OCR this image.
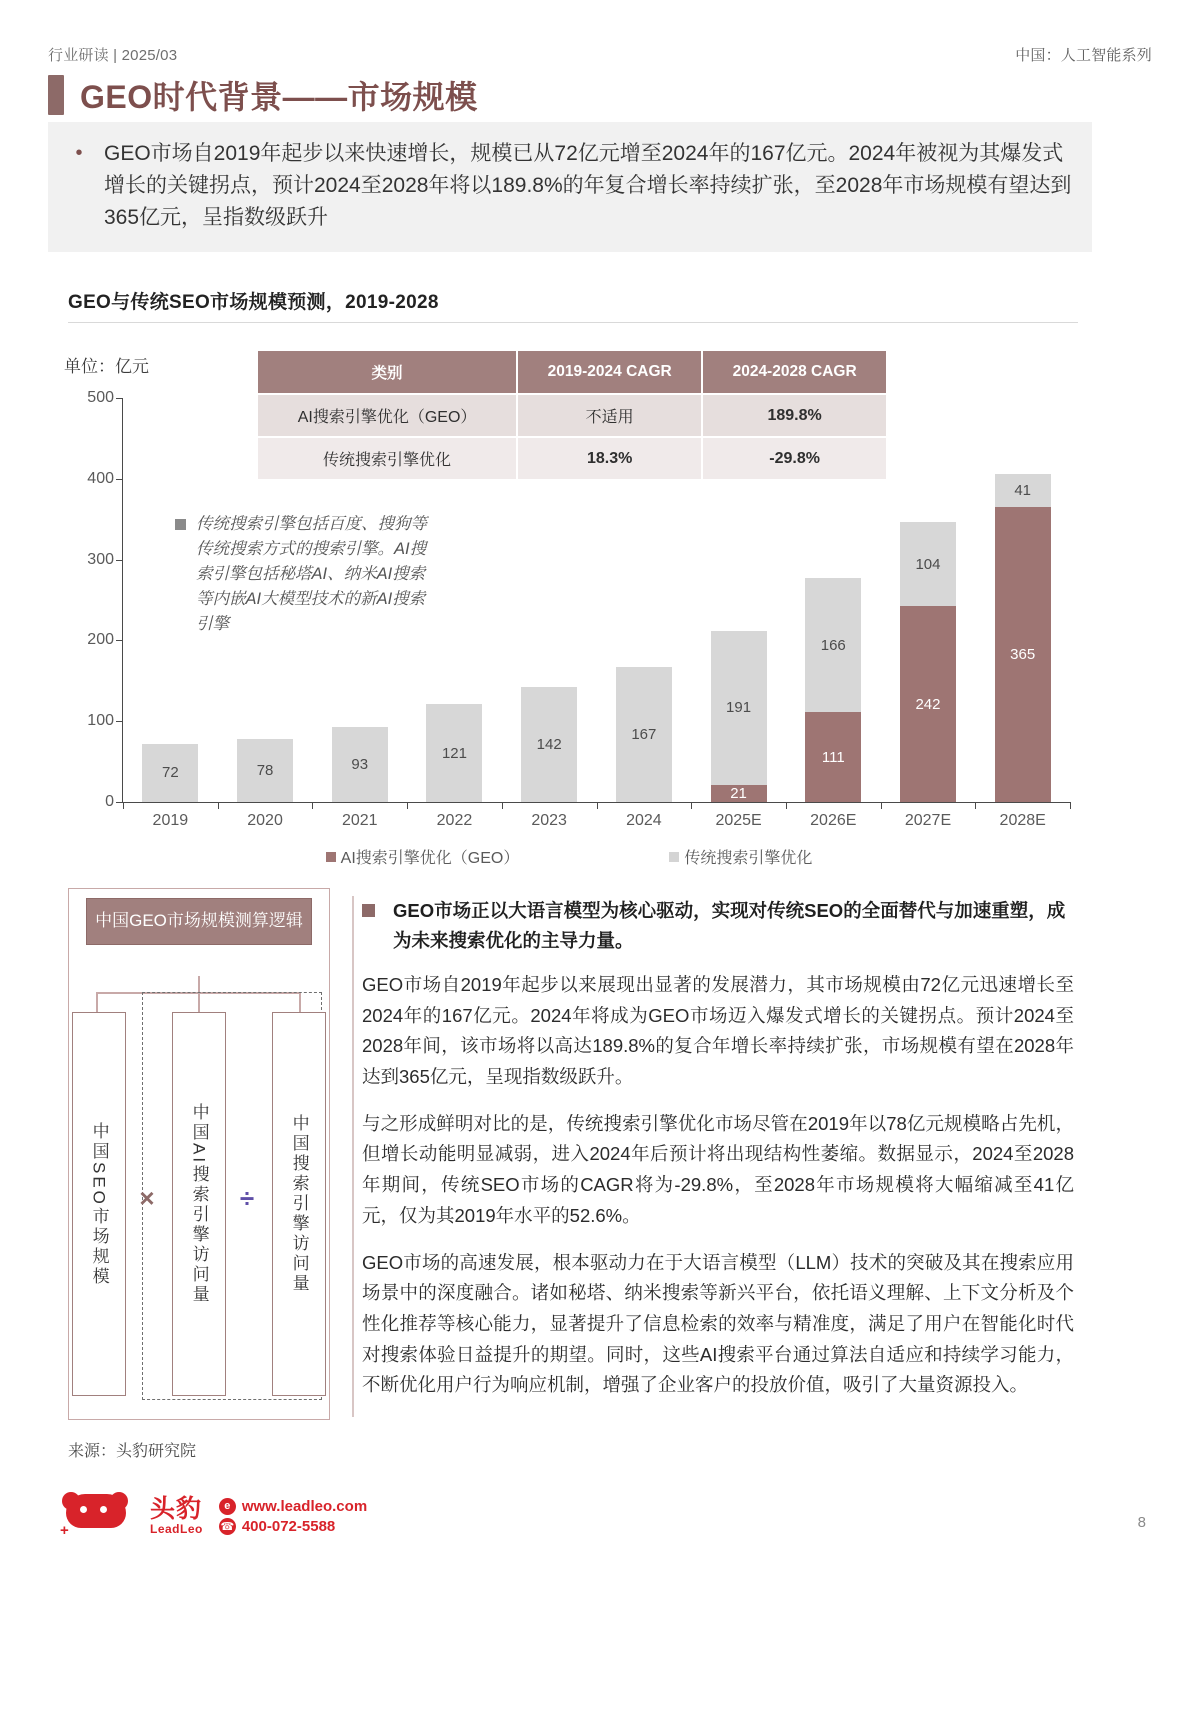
行业研读 | 2025/03	中国：人工智能系列
GEO时代背景——市场规模
•	GEO市场自2019年起步以来快速增长，规模已从72亿元增至2024年的167亿元。2024年被视为其爆发式增长的关键拐点，预计2024至2028年将以189.8%的年复合增长率持续扩张，至2028年市场规模有望达到365亿元，呈指数级跃升

GEO与传统SEO市场规模预测，2019-2028
单位：亿元	类别	2019-2024 CAGR	2024-2028 CAGR
AI搜索引擎优化（GEO）	不适用	189.8%
传统搜索引擎优化	18.3%	-29.8%
0
100
200
300
400
500
72	78	93
121	142
167
191
21
166
111
104
242
41
365
2019	2020	2021	2022	2023	2024	2025E	2026E	2027E	2028E

传统搜索引擎包括百度、搜狗等传统搜索方式的搜索引擎。AI搜索引擎包括秘塔AI、纳米AI搜索等内嵌AI大模型技术的新AI搜索引擎

AI搜索引擎优化（GEO）	传统搜索引擎优化
中国GEO市场规模测算逻辑
中国SEO市场规模	中国AI搜索引擎访问量	中国搜索引擎访问量
×	÷

GEO市场正以大语言模型为核心驱动，实现对传统SEO的全面替代与加速重塑，成为未来搜索优化的主导力量。

GEO市场自2019年起步以来展现出显著的发展潜力，其市场规模由72亿元迅速增长至2024年的167亿元。2024年将成为GEO市场迈入爆发式增长的关键拐点。预计2024至2028年间，该市场将以高达189.8%的复合年增长率持续扩张，市场规模有望在2028年达到365亿元，呈现指数级跃升。

与之形成鲜明对比的是，传统搜索引擎优化市场尽管在2019年以78亿元规模略占先机，但增长动能明显减弱，进入2024年后预计将出现结构性萎缩。数据显示，2024至2028年期间，传统SEO市场的CAGR将为-29.8%，至2028年市场规模将大幅缩减至41亿元，仅为其2019年水平的52.6%。

GEO市场的高速发展，根本驱动力在于大语言模型（LLM）技术的突破及其在搜索应用场景中的深度融合。诸如秘塔、纳米搜索等新兴平台，依托语义理解、上下文分析及个性化推荐等核心能力，显著提升了信息检索的效率与精准度，满足了用户在智能化时代对搜索体验日益提升的期望。同时，这些AI搜索平台通过算法自适应和持续学习能力，不断优化用户行为响应机制，增强了企业客户的投放价值，吸引了大量资源投入。

来源：头豹研究院
+
头豹
LeadLeo
e www.leadleo.com
☎ 400-072-5588	8
